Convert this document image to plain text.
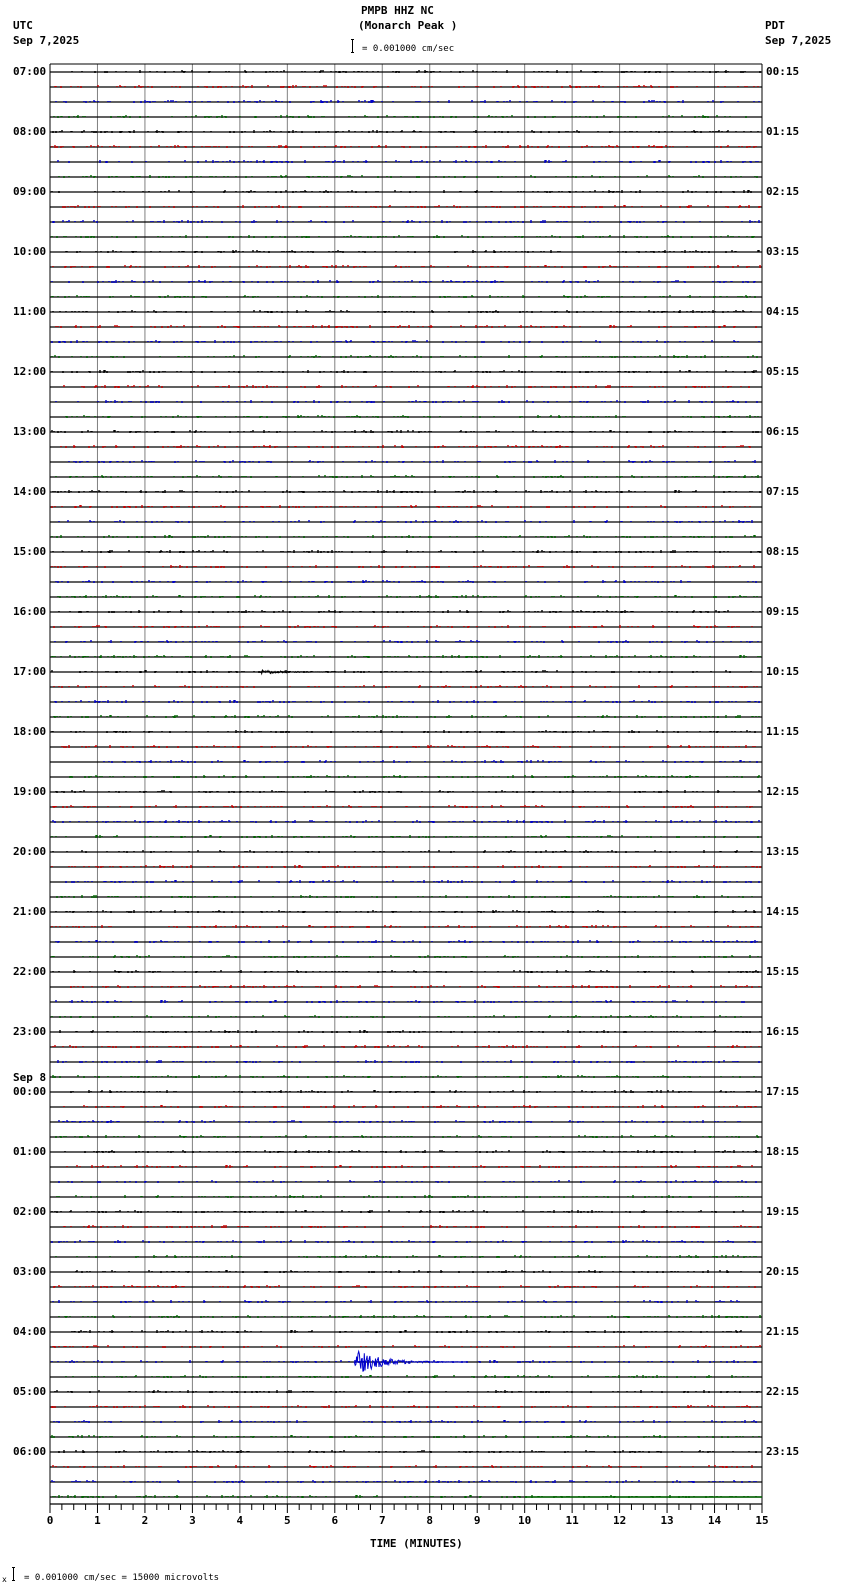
PMPB HHZ NC
(Monarch Peak )
= 0.001000 cm/sec
UTC
Sep 7,2025
PDT
Sep 7,2025
07:00
08:00
09:00
10:00
11:00
12:00
13:00
14:00
15:00
16:00
17:00
18:00
19:00
20:00
21:00
22:00
23:00
00:00
Sep 8
01:00
02:00
03:00
04:00
05:00
06:00
00:15
01:15
02:15
03:15
04:15
05:15
06:15
07:15
08:15
09:15
10:15
11:15
12:15
13:15
14:15
15:15
16:15
17:15
18:15
19:15
20:15
21:15
22:15
23:15
0	1	2	3	4	5	6	7	8	9	10	11	12	13	14	15
TIME (MINUTES)
x = 0.001000 cm/sec = 15000 microvolts
